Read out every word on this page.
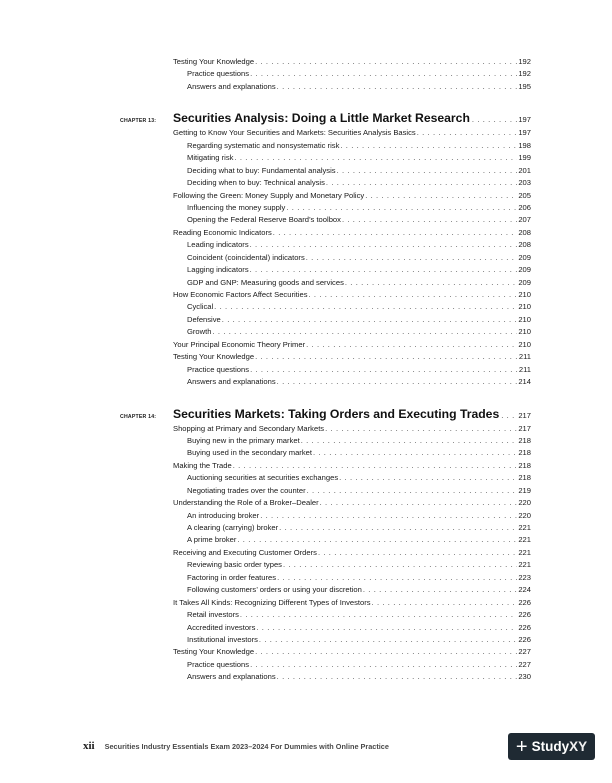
Testing Your Knowledge . . .	192
Practice questions . . .	192
Answers and explanations . . .	195
CHAPTER 13:	Securities Analysis: Doing a Little Market Research . . .	197
Getting to Know Your Securities and Markets: Securities Analysis Basics . . .	197
Regarding systematic and nonsystematic risk . . .	198
Mitigating risk . . .	199
Deciding what to buy: Fundamental analysis . . .	201
Deciding when to buy: Technical analysis . . .	203
Following the Green: Money Supply and Monetary Policy . . .	205
Influencing the money supply . . .	206
Opening the Federal Reserve Board’s toolbox . . .	207
Reading Economic Indicators . . .	208
Leading indicators . . .	208
Coincident (coincidental) indicators . . .	209
Lagging indicators . . .	209
GDP and GNP: Measuring goods and services . . .	209
How Economic Factors Affect Securities . . .	210
Cyclical . . .	210
Defensive . . .	210
Growth . . .	210
Your Principal Economic Theory Primer . . .	210
Testing Your Knowledge . . .	211
Practice questions . . .	211
Answers and explanations . . .	214
CHAPTER 14:	Securities Markets: Taking Orders and Executing Trades . . .	217
Shopping at Primary and Secondary Markets . . .	217
Buying new in the primary market . . .	218
Buying used in the secondary market . . .	218
Making the Trade . . .	218
Auctioning securities at securities exchanges . . .	218
Negotiating trades over the counter . . .	219
Understanding the Role of a Broker–Dealer . . .	220
An introducing broker . . .	220
A clearing (carrying) broker . . .	221
A prime broker . . .	221
Receiving and Executing Customer Orders . . .	221
Reviewing basic order types . . .	221
Factoring in order features . . .	223
Following customers’ orders or using your discretion . . .	224
It Takes All Kinds: Recognizing Different Types of Investors . . .	226
Retail investors . . .	226
Accredited investors . . .	226
Institutional investors . . .	226
Testing Your Knowledge . . .	227
Practice questions . . .	227
Answers and explanations . . .	230
xii Securities Industry Essentials Exam 2023–2024 For Dummies with Online Practice	+ Study XY
